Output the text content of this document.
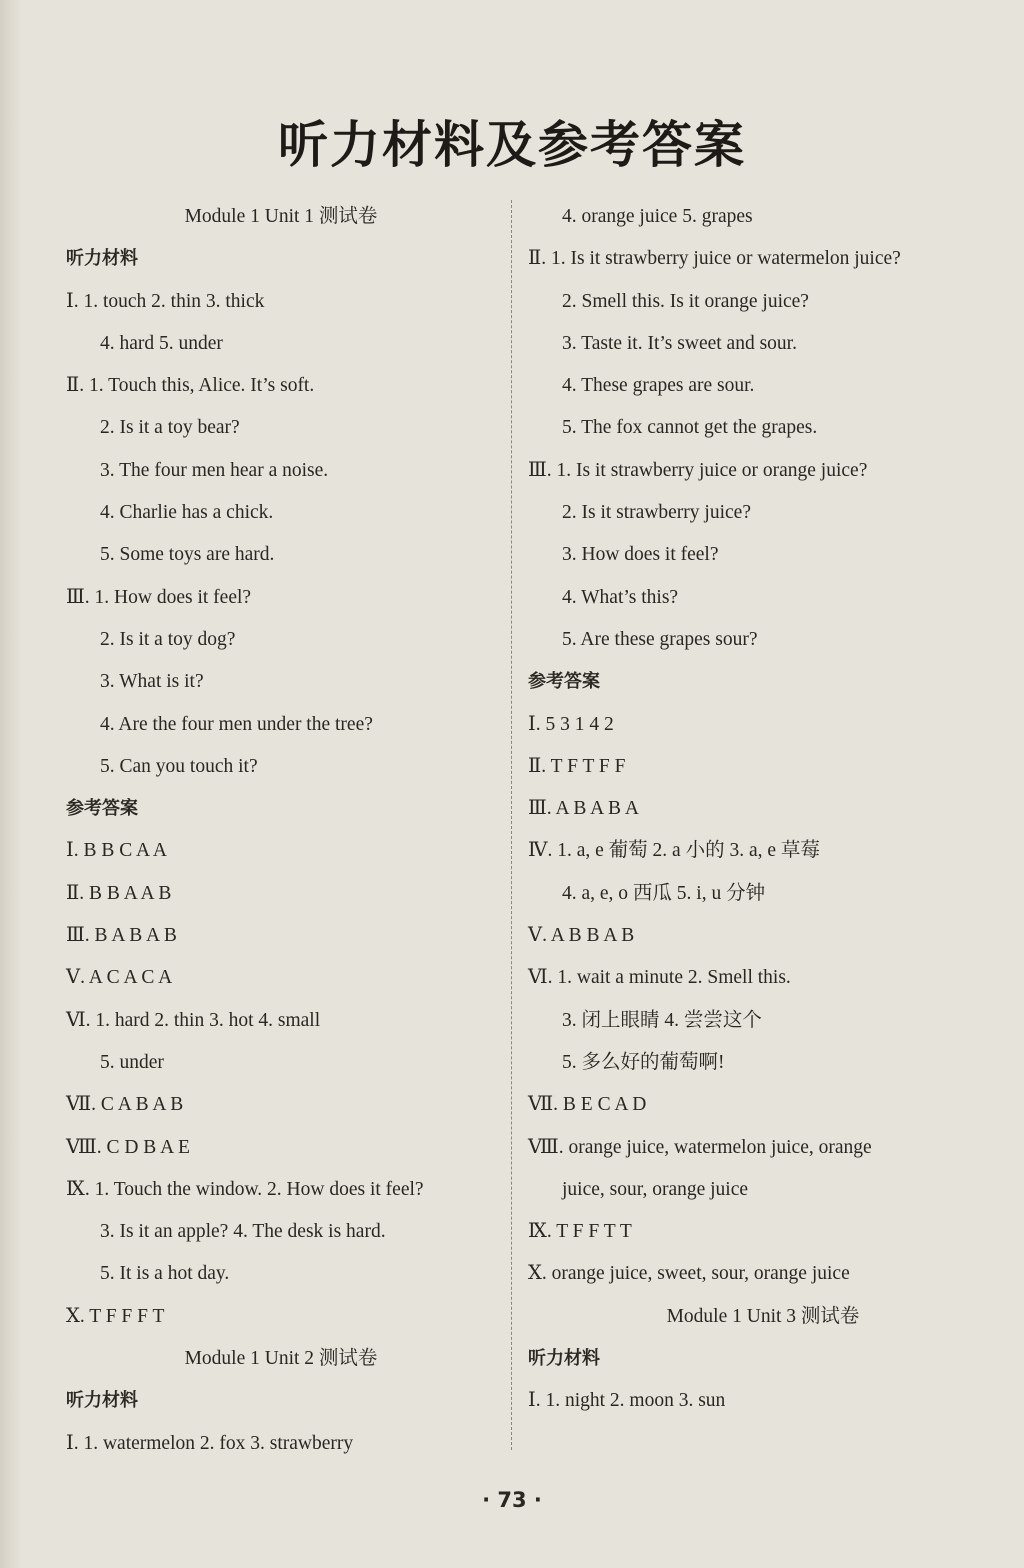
听力材料及参考答案
Module 1 Unit 1 测试卷
听力材料
Ⅰ. 1. touch 2. thin 3. thick
4. hard 5. under
Ⅱ. 1. Touch this, Alice. It’s soft.
2. Is it a toy bear?
3. The four men hear a noise.
4. Charlie has a chick.
5. Some toys are hard.
Ⅲ. 1. How does it feel?
2. Is it a toy dog?
3. What is it?
4. Are the four men under the tree?
5. Can you touch it?
参考答案
Ⅰ. B B C A A
Ⅱ. B B A A B
Ⅲ. B A B A B
Ⅴ. A C A C A
Ⅵ. 1. hard 2. thin 3. hot 4. small
5. under
Ⅶ. C A B A B
Ⅷ. C D B A E
Ⅸ. 1. Touch the window. 2. How does it feel?
3. Is it an apple? 4. The desk is hard.
5. It is a hot day.
Ⅹ. T F F F T
Module 1 Unit 2 测试卷
听力材料
Ⅰ. 1. watermelon 2. fox 3. strawberry
4. orange juice 5. grapes
Ⅱ. 1. Is it strawberry juice or watermelon juice?
2. Smell this. Is it orange juice?
3. Taste it. It’s sweet and sour.
4. These grapes are sour.
5. The fox cannot get the grapes.
Ⅲ. 1. Is it strawberry juice or orange juice?
2. Is it strawberry juice?
3. How does it feel?
4. What’s this?
5. Are these grapes sour?
参考答案
Ⅰ. 5 3 1 4 2
Ⅱ. T F T F F
Ⅲ. A B A B A
Ⅳ. 1. a, e 葡萄 2. a 小的 3. a, e 草莓
4. a, e, o 西瓜 5. i, u 分钟
Ⅴ. A B B A B
Ⅵ. 1. wait a minute 2. Smell this.
3. 闭上眼睛 4. 尝尝这个
5. 多么好的葡萄啊!
Ⅶ. B E C A D
Ⅷ. orange juice, watermelon juice, orange
juice, sour, orange juice
Ⅸ. T F F T T
Ⅹ. orange juice, sweet, sour, orange juice
Module 1 Unit 3 测试卷
听力材料
Ⅰ. 1. night 2. moon 3. sun
· 73 ·
